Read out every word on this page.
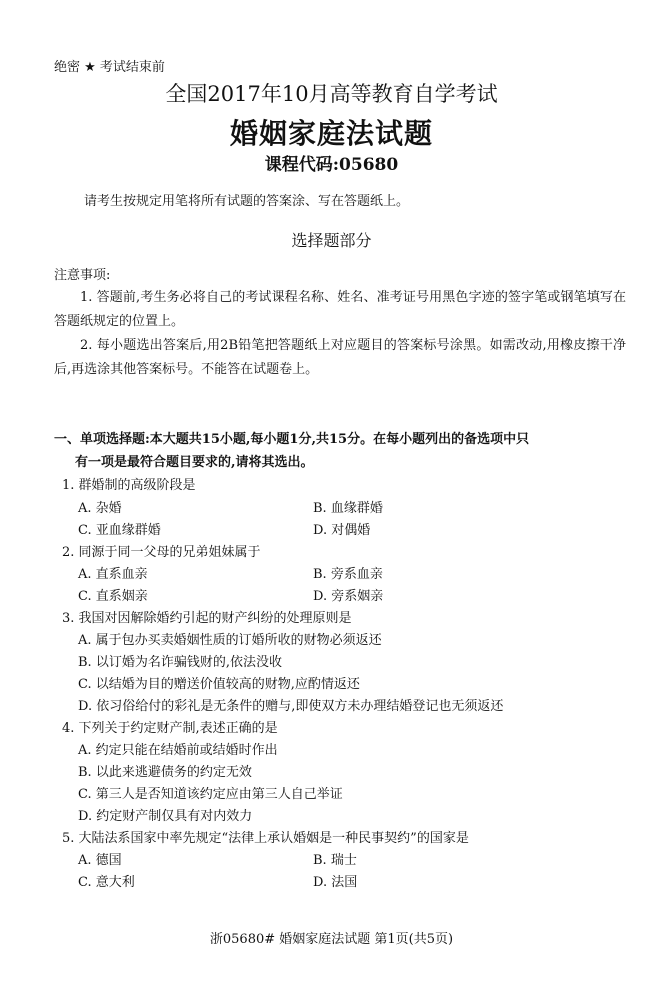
绝密 ★ 考试结束前
全国2017年10月高等教育自学考试
婚姻家庭法试题
课程代码:05680
请考生按规定用笔将所有试题的答案涂、写在答题纸上。
选择题部分
注意事项:
1. 答题前,考生务必将自己的考试课程名称、姓名、准考证号用黑色字迹的签字笔或钢笔填写在答题纸规定的位置上。
2. 每小题选出答案后,用2B铅笔把答题纸上对应题目的答案标号涂黑。如需改动,用橡皮擦干净后,再选涂其他答案标号。不能答在试题卷上。
一、单项选择题:本大题共15小题,每小题1分,共15分。在每小题列出的备选项中只
有一项是最符合题目要求的,请将其选出。
1. 群婚制的高级阶段是
A. 杂婚	B. 血缘群婚
C. 亚血缘群婚	D. 对偶婚
2. 同源于同一父母的兄弟姐妹属于
A. 直系血亲	B. 旁系血亲
C. 直系姻亲	D. 旁系姻亲
3. 我国对因解除婚约引起的财产纠纷的处理原则是
A. 属于包办买卖婚姻性质的订婚所收的财物必须返还
B. 以订婚为名诈骗钱财的,依法没收
C. 以结婚为目的赠送价值较高的财物,应酌情返还
D. 依习俗给付的彩礼是无条件的赠与,即使双方未办理结婚登记也无须返还
4. 下列关于约定财产制,表述正确的是
A. 约定只能在结婚前或结婚时作出
B. 以此来逃避债务的约定无效
C. 第三人是否知道该约定应由第三人自己举证
D. 约定财产制仅具有对内效力
5. 大陆法系国家中率先规定“法律上承认婚姻是一种民事契约”的国家是
A. 德国	B. 瑞士
C. 意大利	D. 法国
浙05680# 婚姻家庭法试题 第1页(共5页)
